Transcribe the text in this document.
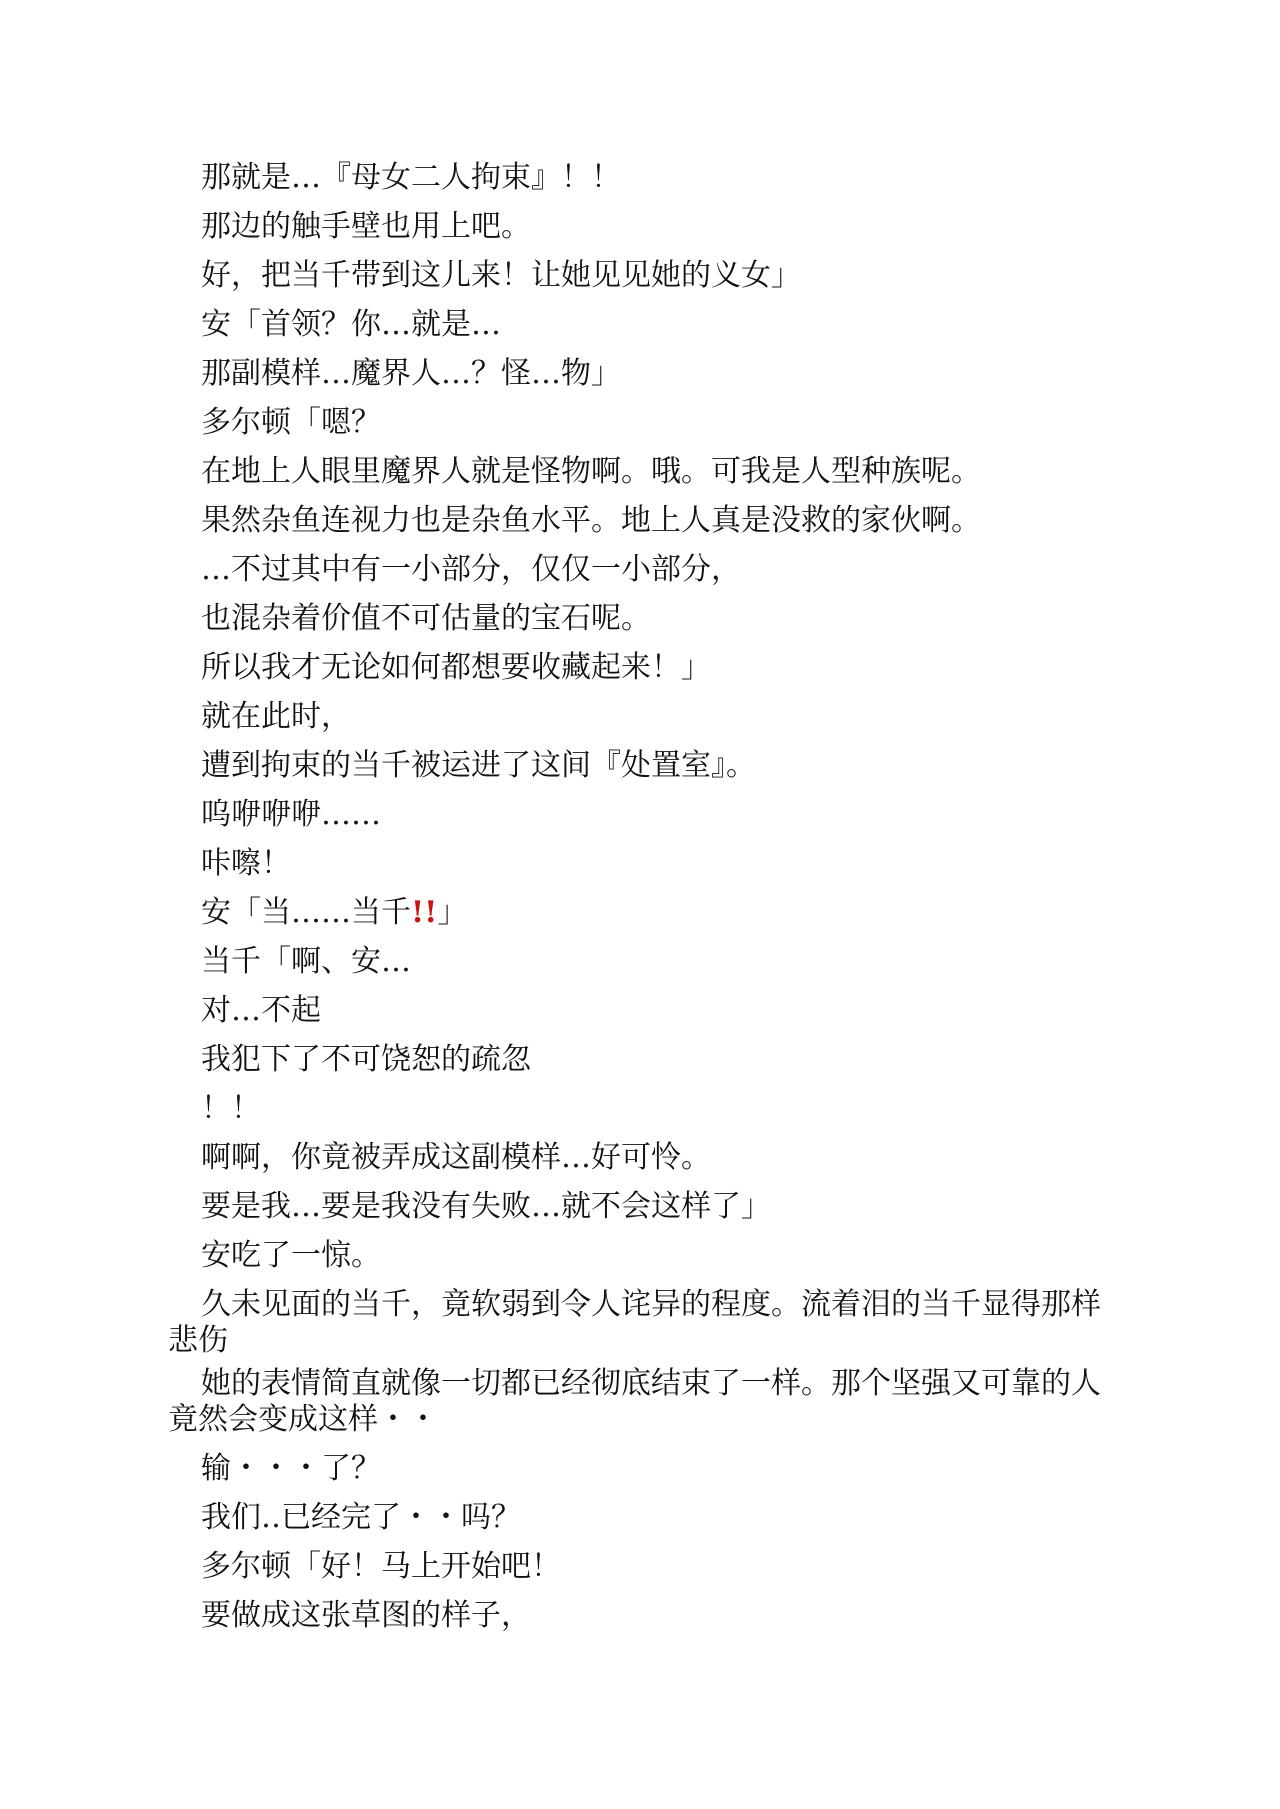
那就是…『母女二人拘束』！！
那边的触手壁也用上吧。
好，把当千带到这儿来！让她见见她的义女」
安「首领？你…就是…
那副模样…魔界人…？怪…物」
多尔顿「嗯？
在地上人眼里魔界人就是怪物啊。哦。可我是人型种族呢。
果然杂鱼连视力也是杂鱼水平。地上人真是没救的家伙啊。
…不过其中有一小部分，仅仅一小部分，
也混杂着价值不可估量的宝石呢。
所以我才无论如何都想要收藏起来！」
就在此时，
遭到拘束的当千被运进了这间『处置室』。
呜咿咿咿……
咔嚓！
安「当……当千!!」
当千「啊、安…
对…不起
我犯下了不可饶恕的疏忽
！！
啊啊，你竟被弄成这副模样…好可怜。
要是我…要是我没有失败…就不会这样了」
安吃了一惊。
久未见面的当千，竟软弱到令人诧异的程度。流着泪的当千显得那样悲伤
她的表情简直就像一切都已经彻底结束了一样。那个坚强又可靠的人竟然会变成这样・・
输・・・了？
我们‥已经完了・・吗？
多尔顿「好！马上开始吧！
要做成这张草图的样子，
